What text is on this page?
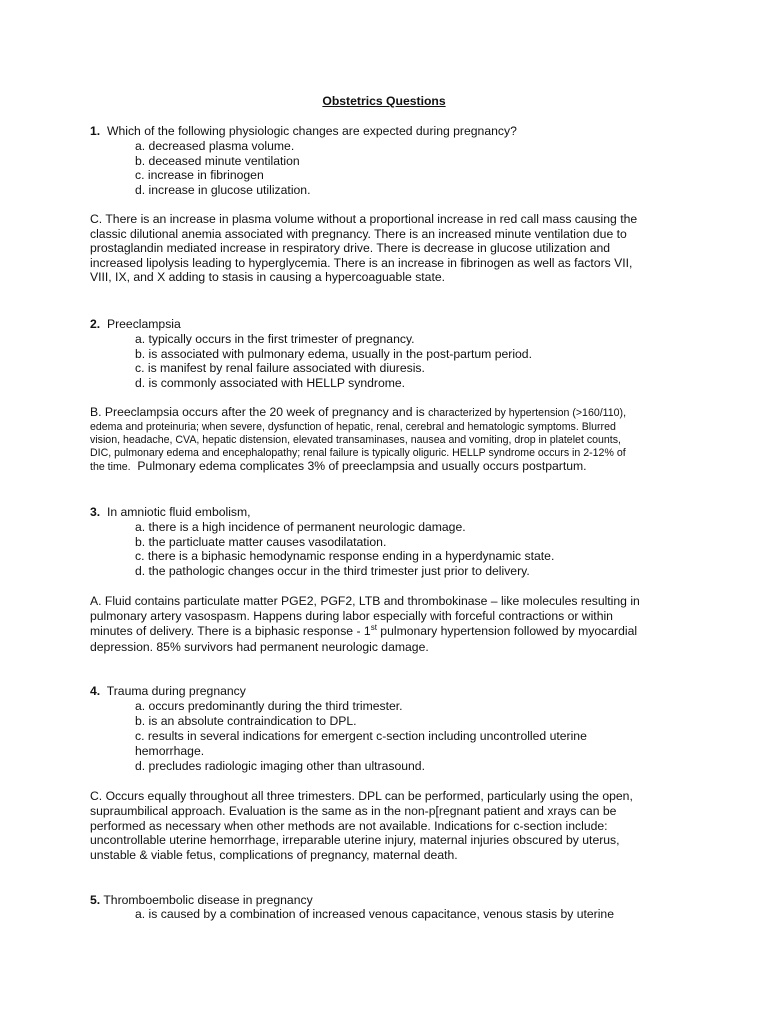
Obstetrics Questions
1. Which of the following physiologic changes are expected during pregnancy?
a. decreased plasma volume.
b. deceased minute ventilation
c. increase in fibrinogen
d. increase in glucose utilization.
C. There is an increase in plasma volume without a proportional increase in red call mass causing the
classic dilutional anemia associated with pregnancy. There is an increased minute ventilation due to
prostaglandin mediated increase in respiratory drive. There is decrease in glucose utilization and
increased lipolysis leading to hyperglycemia. There is an increase in fibrinogen as well as factors VII,
VIII, IX, and X adding to stasis in causing a hypercoaguable state.
2. Preeclampsia
a. typically occurs in the first trimester of pregnancy.
b. is associated with pulmonary edema, usually in the post-partum period.
c. is manifest by renal failure associated with diuresis.
d. is commonly associated with HELLP syndrome.
B. Preeclampsia occurs after the 20 week of pregnancy and is characterized by hypertension (>160/110),
edema and proteinuria; when severe, dysfunction of hepatic, renal, cerebral and hematologic symptoms. Blurred
vision, headache, CVA, hepatic distension, elevated transaminases, nausea and vomiting, drop in platelet counts,
DIC, pulmonary edema and encephalopathy; renal failure is typically oliguric. HELLP syndrome occurs in 2-12% of
the time. Pulmonary edema complicates 3% of preeclampsia and usually occurs postpartum.
3. In amniotic fluid embolism,
a. there is a high incidence of permanent neurologic damage.
b. the particluate matter causes vasodilatation.
c. there is a biphasic hemodynamic response ending in a hyperdynamic state.
d. the pathologic changes occur in the third trimester just prior to delivery.
A. Fluid contains particulate matter PGE2, PGF2, LTB and thrombokinase – like molecules resulting in
pulmonary artery vasospasm. Happens during labor especially with forceful contractions or within
minutes of delivery. There is a biphasic response - 1st pulmonary hypertension followed by myocardial
depression. 85% survivors had permanent neurologic damage.
4. Trauma during pregnancy
a. occurs predominantly during the third trimester.
b. is an absolute contraindication to DPL.
c. results in several indications for emergent c-section including uncontrolled uterine
hemorrhage.
d. precludes radiologic imaging other than ultrasound.
C. Occurs equally throughout all three trimesters. DPL can be performed, particularly using the open,
supraumbilical approach. Evaluation is the same as in the non-p[regnant patient and xrays can be
performed as necessary when other methods are not available. Indications for c-section include:
uncontrollable uterine hemorrhage, irreparable uterine injury, maternal injuries obscured by uterus,
unstable & viable fetus, complications of pregnancy, maternal death.
5. Thromboembolic disease in pregnancy
a. is caused by a combination of increased venous capacitance, venous stasis by uterine
